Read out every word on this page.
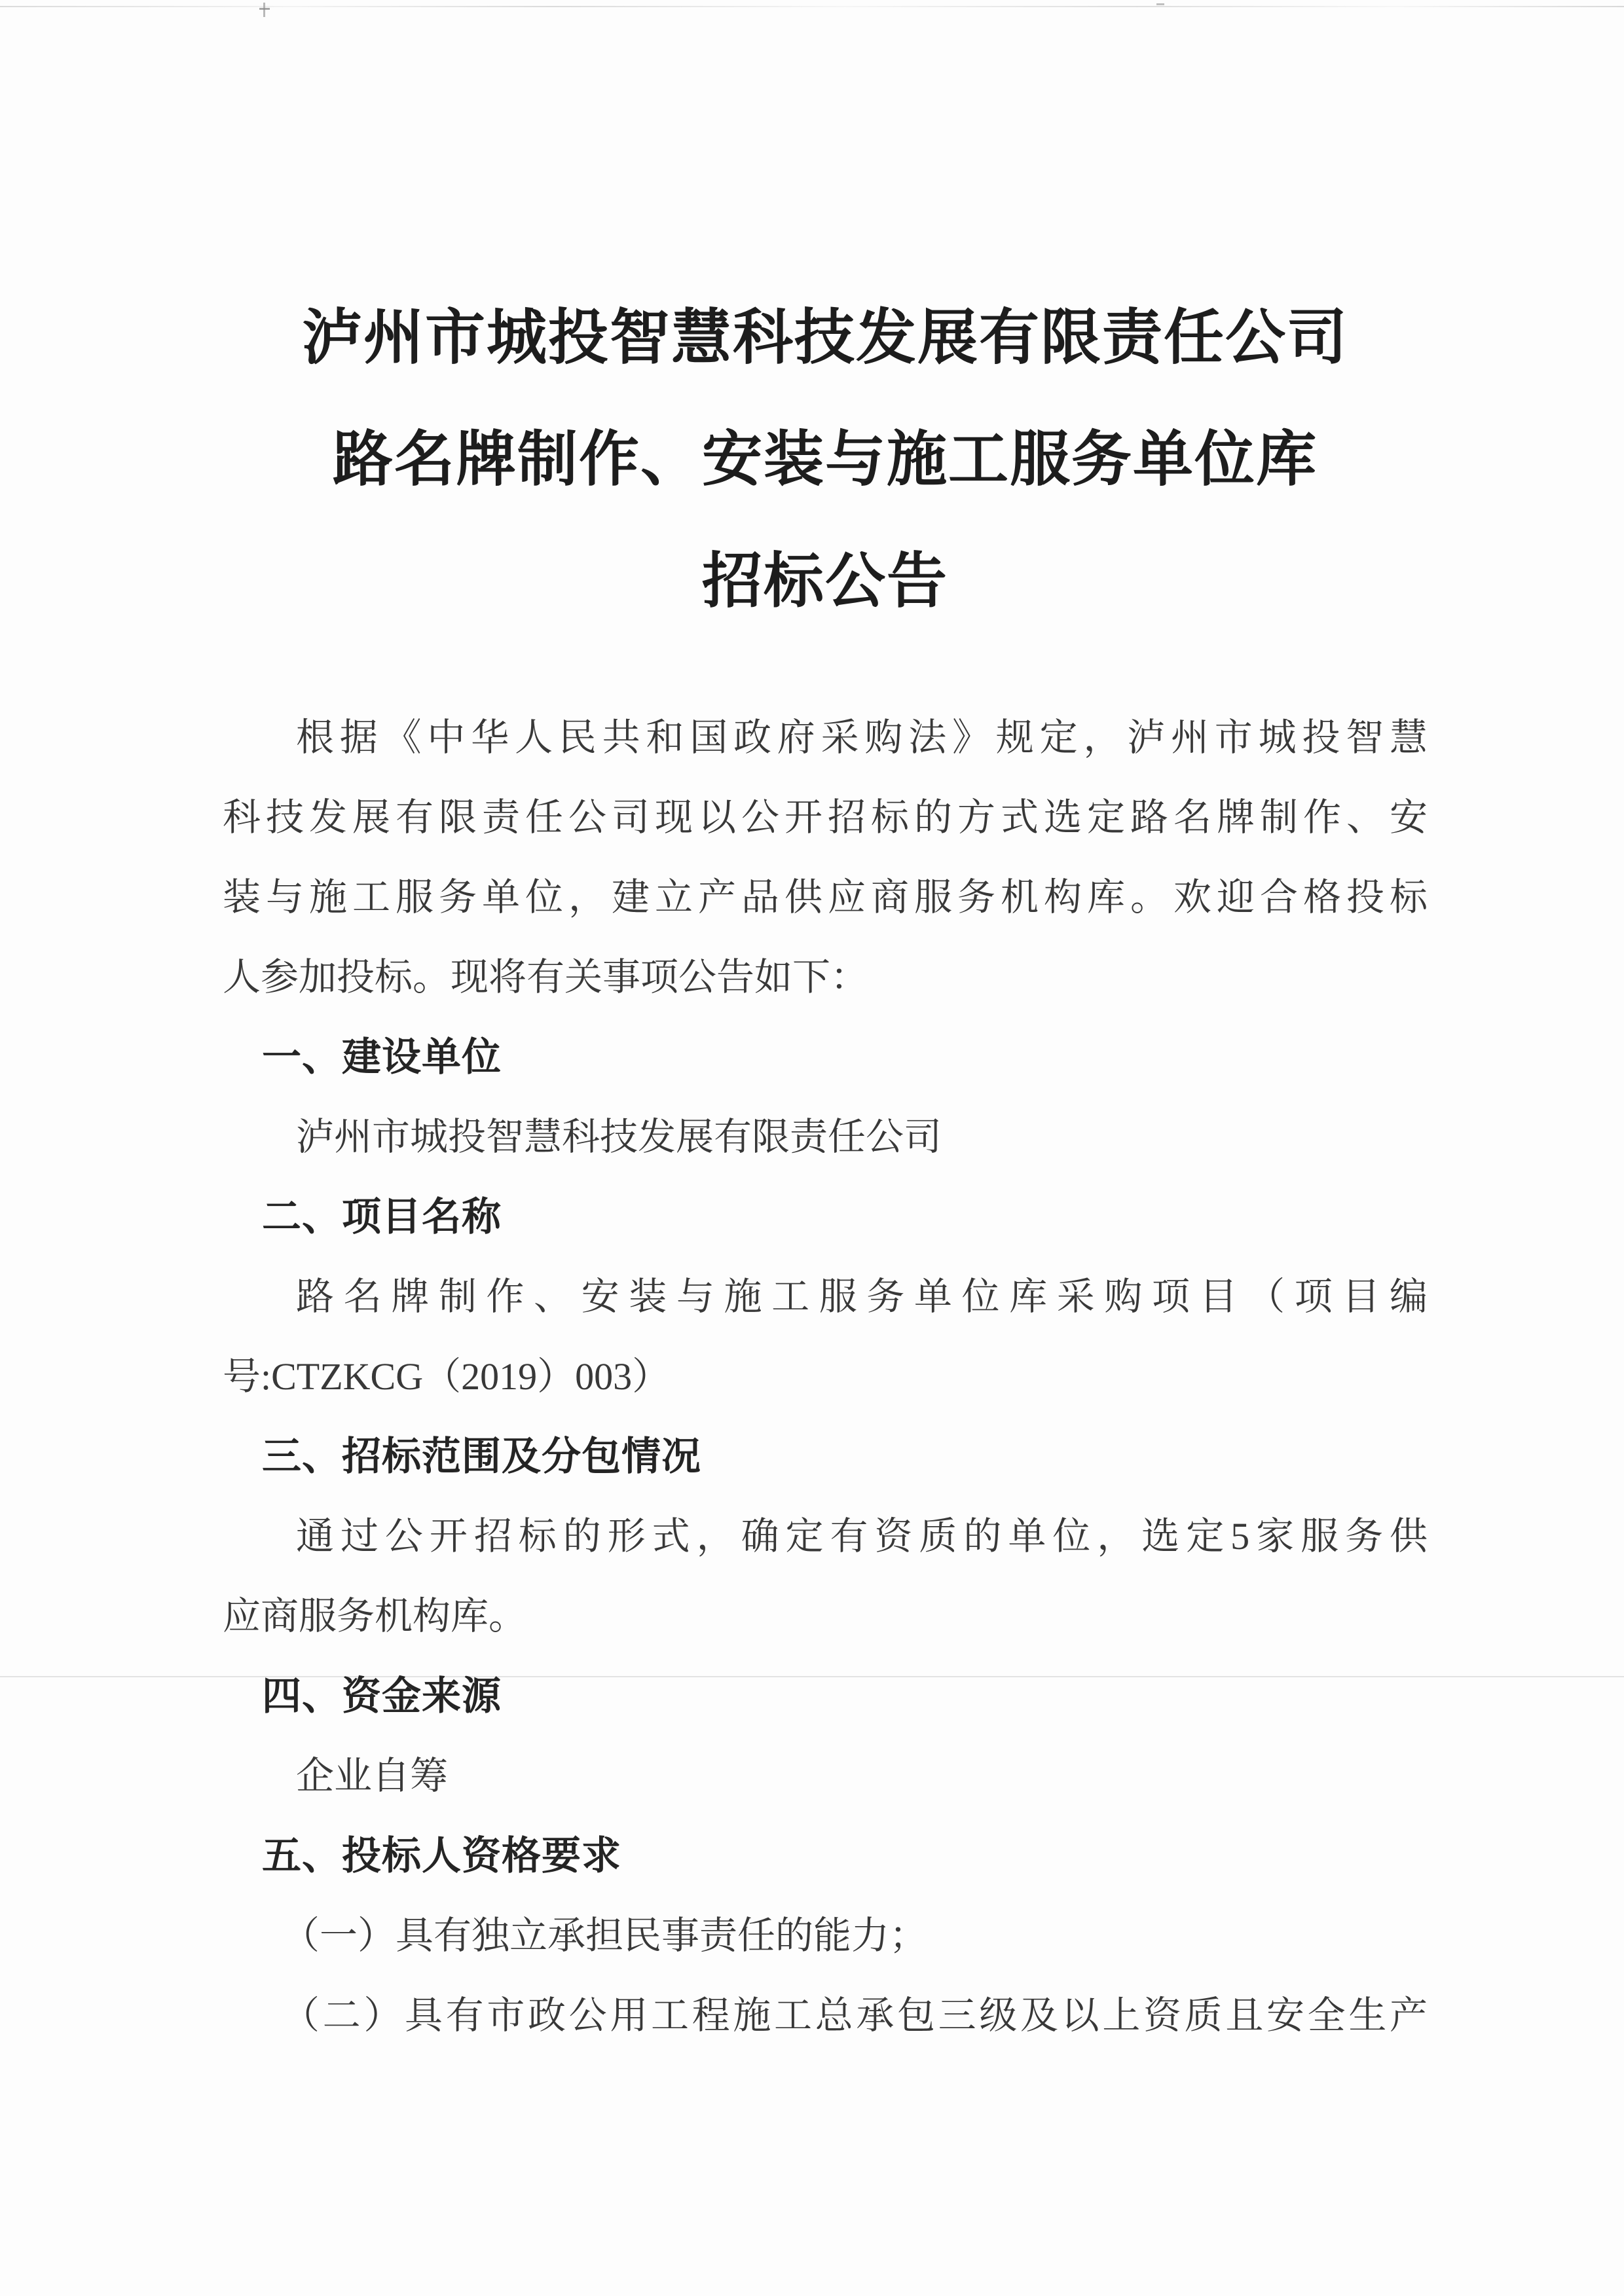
泸州市城投智慧科技发展有限责任公司
路名牌制作、安装与施工服务单位库
招标公告
根据《中华人民共和国政府采购法》规定，泸州市城投智慧
科技发展有限责任公司现以公开招标的方式选定路名牌制作、安
装与施工服务单位，建立产品供应商服务机构库。欢迎合格投标
人参加投标。现将有关事项公告如下：
一、建设单位
泸州市城投智慧科技发展有限责任公司
二、项目名称
路名牌制作、安装与施工服务单位库采购项目（项目编
号:CTZKCG（2019）003）
三、招标范围及分包情况
通过公开招标的形式，确定有资质的单位，选定5家服务供
应商服务机构库。
四、资金来源
企业自筹
五、投标人资格要求
（一）具有独立承担民事责任的能力；
（二）具有市政公用工程施工总承包三级及以上资质且安全生产
